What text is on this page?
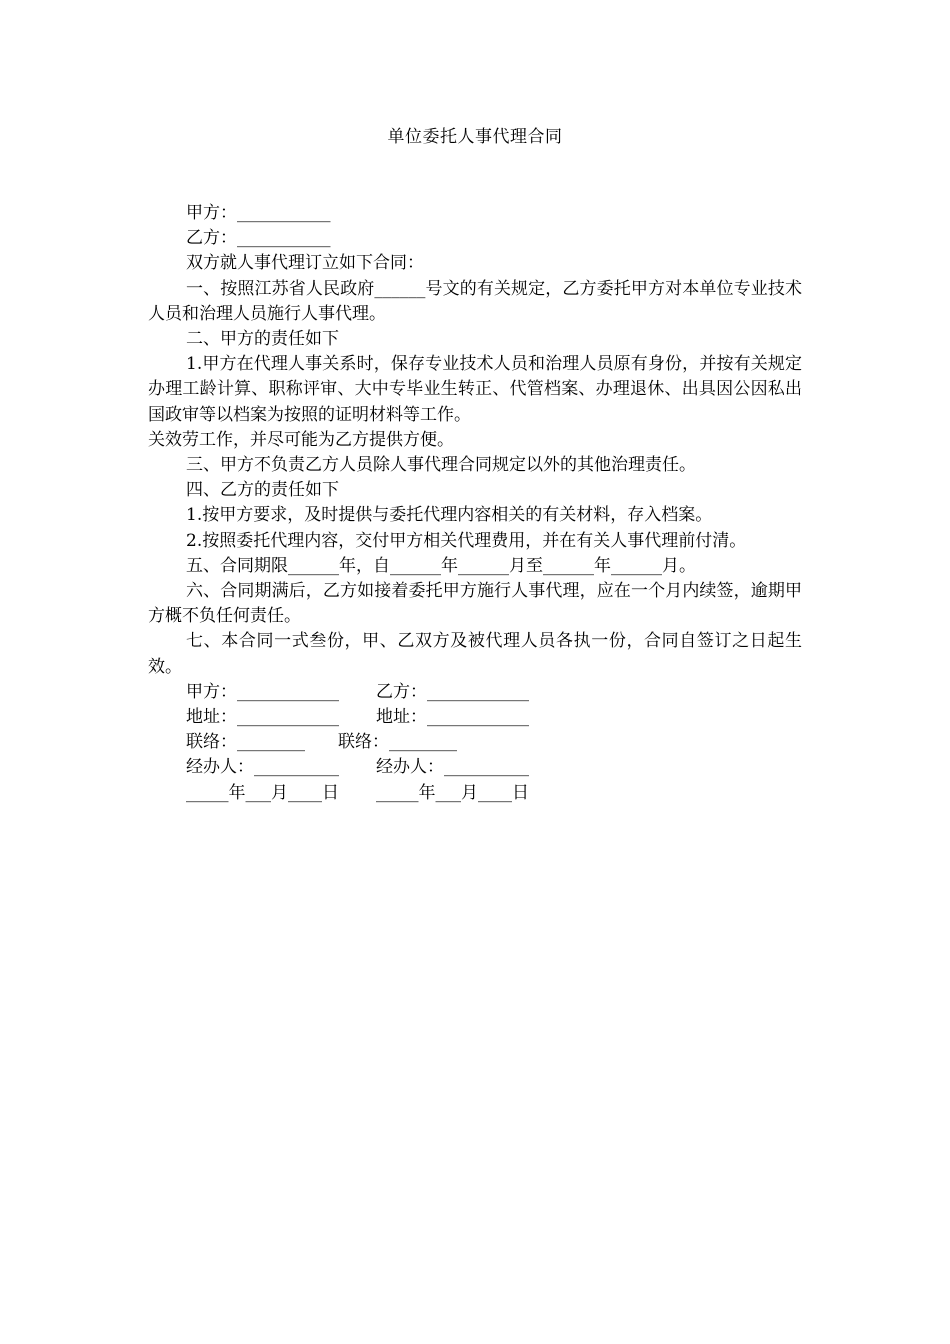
单位委托人事代理合同

甲方：___________

乙方：___________

双方就人事代理订立如下合同：

一、按照江苏省人民政府______号文的有关规定，乙方委托甲方对本单位专业技术人员和治理人员施行人事代理。

二、甲方的责任如下

1.甲方在代理人事关系时，保存专业技术人员和治理人员原有身份，并按有关规定办理工龄计算、职称评审、大中专毕业生转正、代管档案、办理退休、出具因公因私出国政审等以档案为按照的证明材料等工作。

关效劳工作，并尽可能为乙方提供方便。

三、甲方不负责乙方人员除人事代理合同规定以外的其他治理责任。

四、乙方的责任如下

1.按甲方要求，及时提供与委托代理内容相关的有关材料，存入档案。

2.按照委托代理内容，交付甲方相关代理费用，并在有关人事代理前付清。

五、合同期限______年，自______年______月至______年______月。

六、合同期满后，乙方如接着委托甲方施行人事代理，应在一个月内续签，逾期甲方概不负任何责任。

七、本合同一式叁份，甲、乙双方及被代理人员各执一份，合同自签订之日起生效。

甲方：____________ 乙方：____________
地址：____________ 地址：____________
联络：________ 联络：________
经办人：__________ 经办人：__________
_____年___月____日 _____年___月____日
